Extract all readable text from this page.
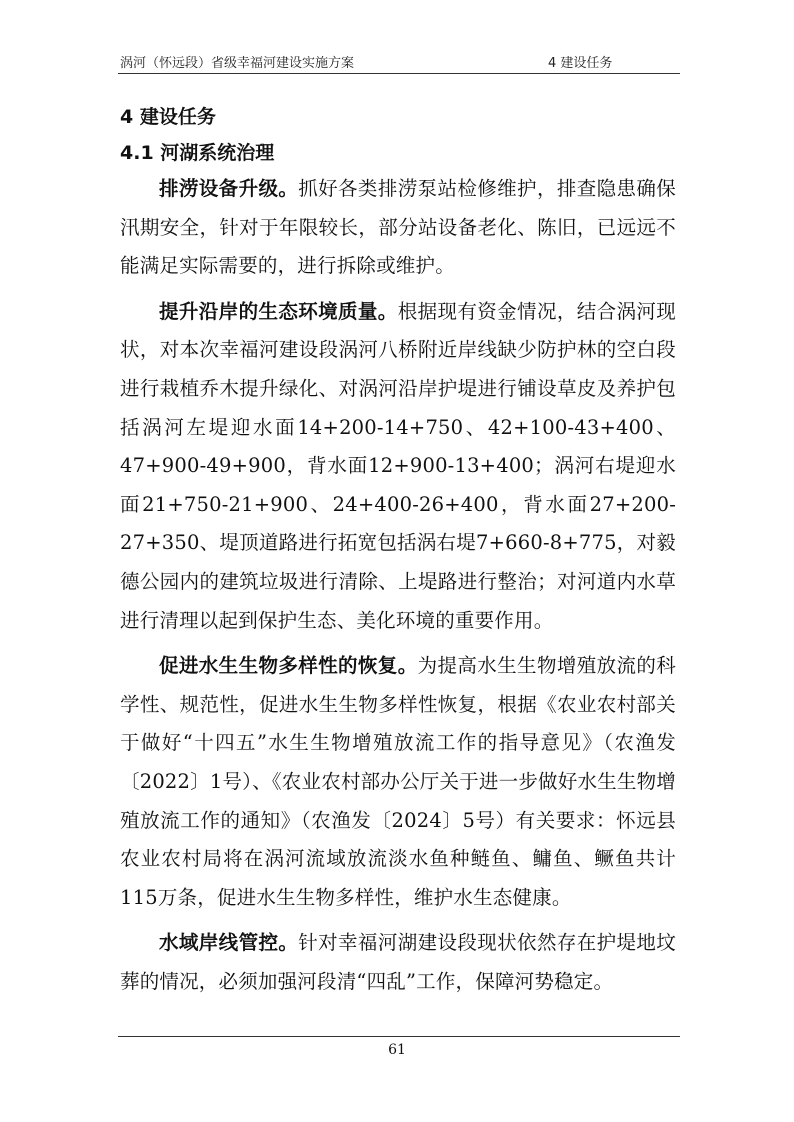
涡河（怀远段）省级幸福河建设实施方案	4 建设任务
4 建设任务
4.1 河湖系统治理

排涝设备升级。抓好各类排涝泵站检修维护，排查隐患确保汛期安全，针对于年限较长，部分站设备老化、陈旧，已远远不能满足实际需要的，进行拆除或维护。

提升沿岸的生态环境质量。根据现有资金情况，结合涡河现状，对本次幸福河建设段涡河八桥附近岸线缺少防护林的空白段进行栽植乔木提升绿化、对涡河沿岸护堤进行铺设草皮及养护包括涡河左堤迎水面14+200-14+750、42+100-43+400、47+900-49+900，背水面12+900-13+400；涡河右堤迎水面21+750-21+900、24+400-26+400，背水面27+200-27+350、堤顶道路进行拓宽包括涡右堤7+660-8+775，对毅德公园内的建筑垃圾进行清除、上堤路进行整治；对河道内水草进行清理以起到保护生态、美化环境的重要作用。

促进水生生物多样性的恢复。为提高水生生物增殖放流的科学性、规范性，促进水生生物多样性恢复，根据《农业农村部关于做好“十四五”水生生物增殖放流工作的指导意见》（农渔发〔2022〕1号）、《农业农村部办公厅关于进一步做好水生生物增殖放流工作的通知》（农渔发〔2024〕5号）有关要求：怀远县农业农村局将在涡河流域放流淡水鱼种鲢鱼、鳙鱼、鳜鱼共计115万条，促进水生生物多样性，维护水生态健康。

水域岸线管控。针对幸福河湖建设段现状依然存在护堤地坟葬的情况，必须加强河段清“四乱”工作，保障河势稳定。

61
